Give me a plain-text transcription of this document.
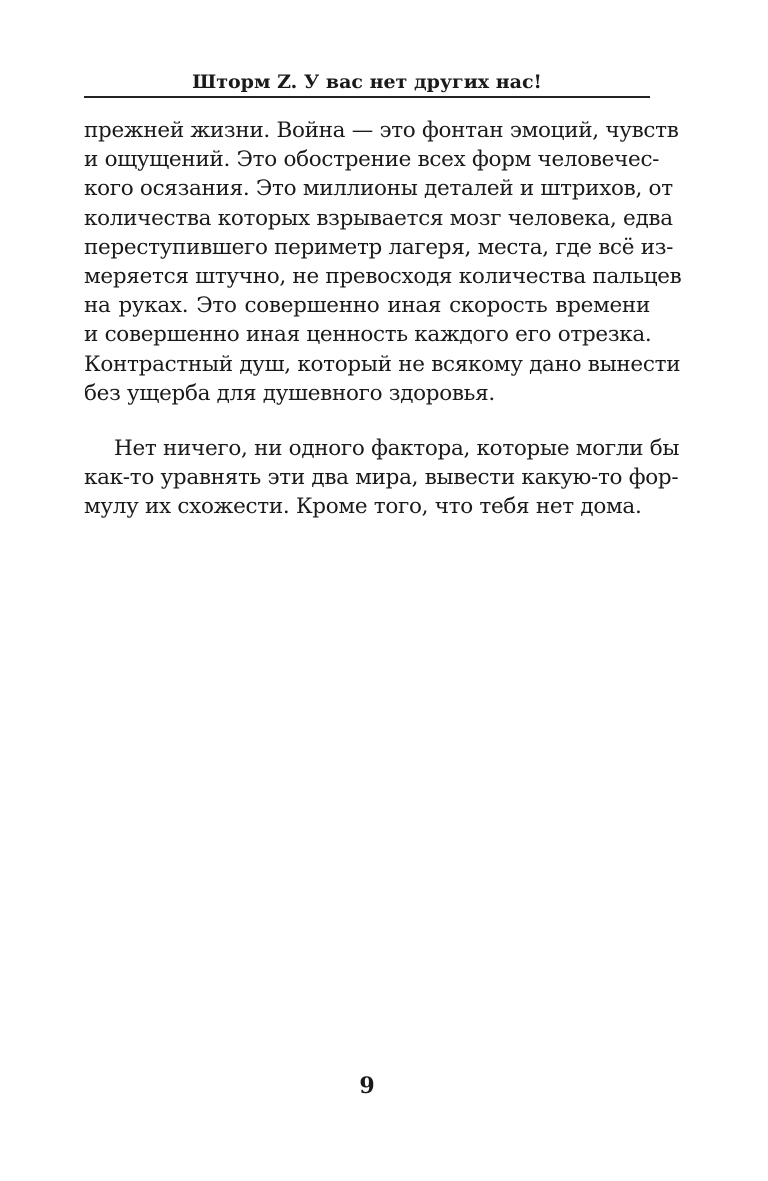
Шторм Z. У вас нет других нас!
прежней жизни. Война — это фонтан эмоций, чувств
и ощущений. Это обострение всех форм человечес-
кого осязания. Это миллионы деталей и штрихов, от
количества которых взрывается мозг человека, едва
переступившего периметр лагеря, места, где всё из-
меряется штучно, не превосходя количества пальцев
на руках. Это совершенно иная скорость времени
и совершенно иная ценность каждого его отрезка.
Контрастный душ, который не всякому дано вынести
без ущерба для душевного здоровья.
Нет ничего, ни одного фактора, которые могли бы
как-то уравнять эти два мира, вывести какую-то фор-
мулу их схожести. Кроме того, что тебя нет дома.
9
